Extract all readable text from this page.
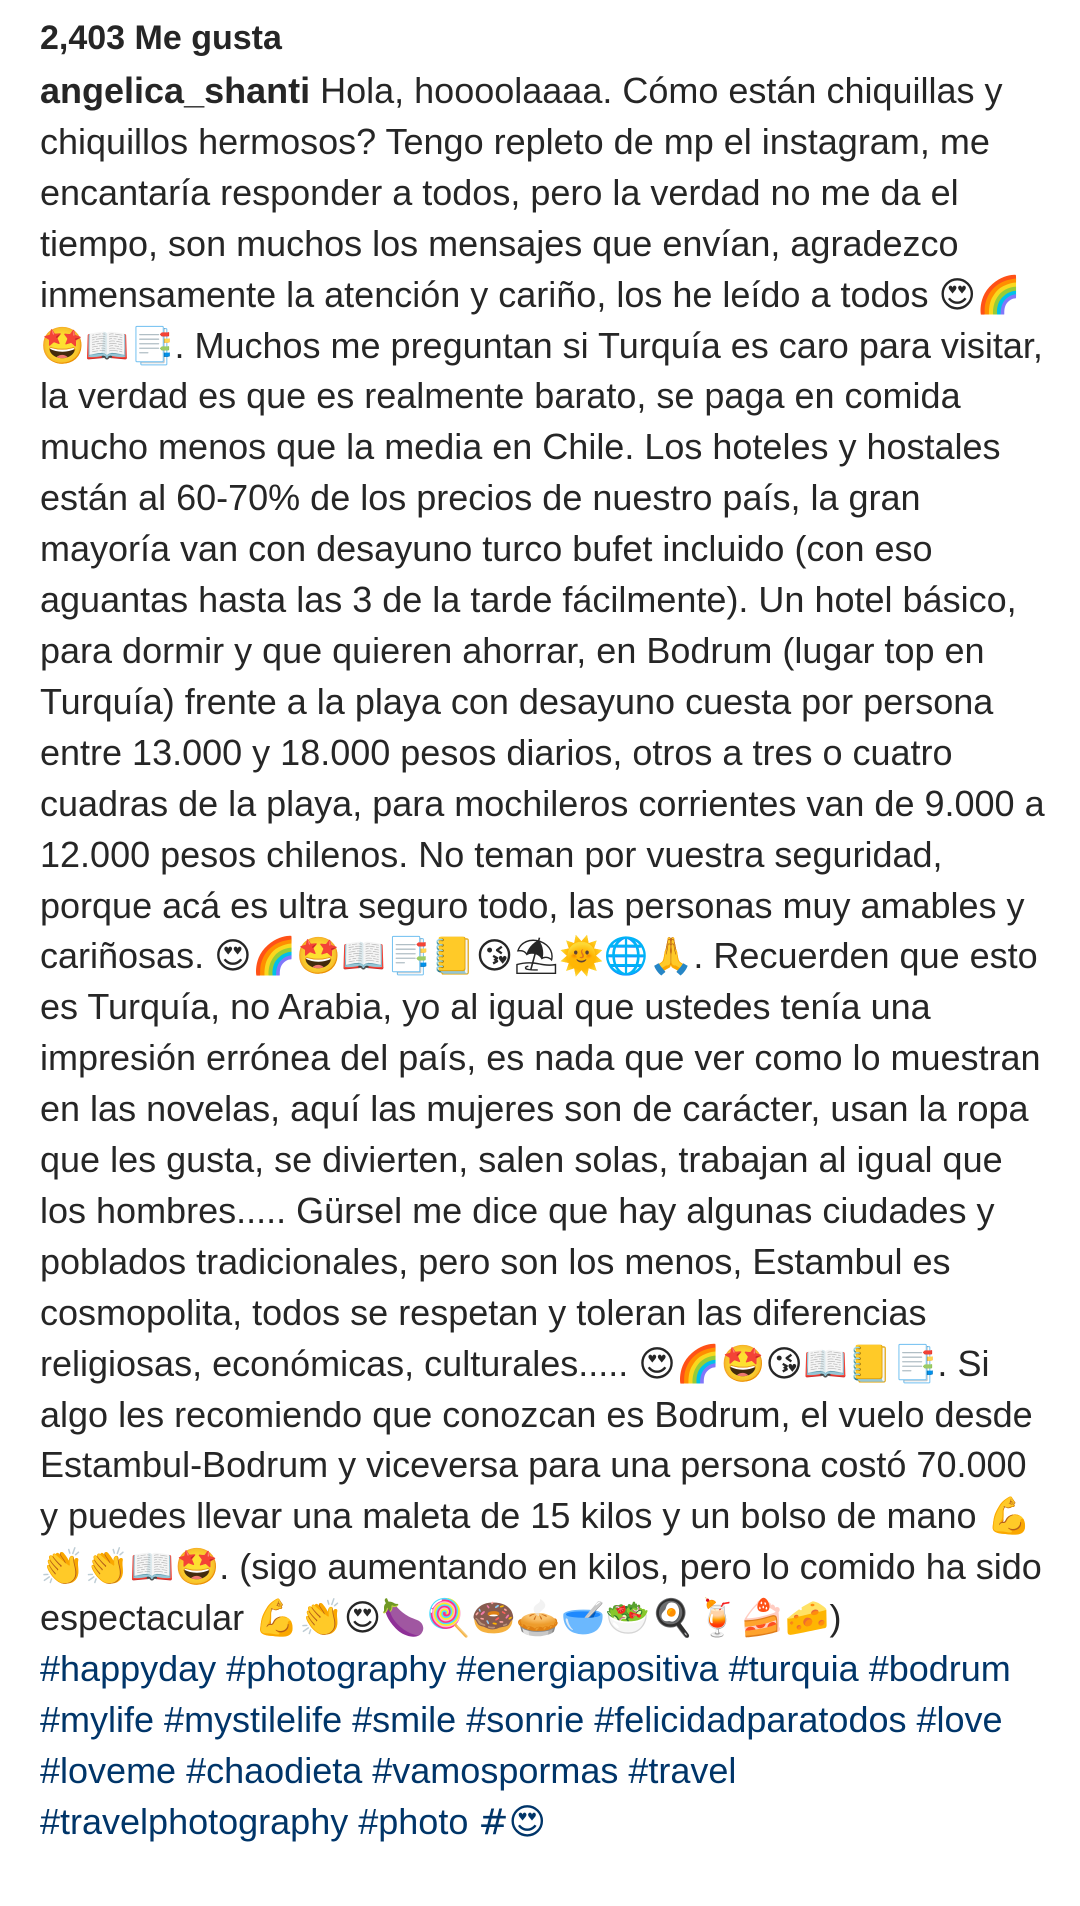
2,403 Me gusta

angelica_shanti Hola, hoooolaaaa. Cómo están chiquillas y chiquillos hermosos? Tengo repleto de mp el instagram, me encantaría responder a todos, pero la verdad no me da el tiempo, son muchos los mensajes que envían, agradezco inmensamente la atención y cariño, los he leído a todos 😍🌈🤩📖📑. Muchos me preguntan si Turquía es caro para visitar, la verdad es que es realmente barato, se paga en comida mucho menos que la media en Chile. Los hoteles y hostales están al 60-70% de los precios de nuestro país, la gran mayoría van con desayuno turco bufet incluido (con eso aguantas hasta las 3 de la tarde fácilmente). Un hotel básico, para dormir y que quieren ahorrar, en Bodrum (lugar top en Turquía) frente a la playa con desayuno cuesta por persona entre 13.000 y 18.000 pesos diarios, otros a tres o cuatro cuadras de la playa, para mochileros corrientes van de 9.000 a 12.000 pesos chilenos. No teman por vuestra seguridad, porque acá es ultra seguro todo, las personas muy amables y cariñosas. 😍🌈🤩📖📑📒😘⛱🌞🌐🙏. Recuerden que esto es Turquía, no Arabia, yo al igual que ustedes tenía una impresión errónea del país, es nada que ver como lo muestran en las novelas, aquí las mujeres son de carácter, usan la ropa que les gusta, se divierten, salen solas, trabajan al igual que los hombres..... Gürsel me dice que hay algunas ciudades y poblados tradicionales, pero son los menos, Estambul es cosmopolita, todos se respetan y toleran las diferencias religiosas, económicas, culturales..... 😍🌈🤩😘📖📒📑. Si algo les recomiendo que conozcan es Bodrum, el vuelo desde Estambul-Bodrum y viceversa para una persona costó 70.000 y puedes llevar una maleta de 15 kilos y un bolso de mano 💪👏👏📖🤩. (sigo aumentando en kilos, pero lo comido ha sido espectacular 💪👏😍🍆🍭🍩🥧🥣🥗🍳🍹🍰🧀)
#happyday #photography #energiapositiva #turquia #bodrum #mylife #mystilelife #smile #sonrie #felicidadparatodos #love #loveme #chaodieta #vamospormas #travel #travelphotography #photo #😍
